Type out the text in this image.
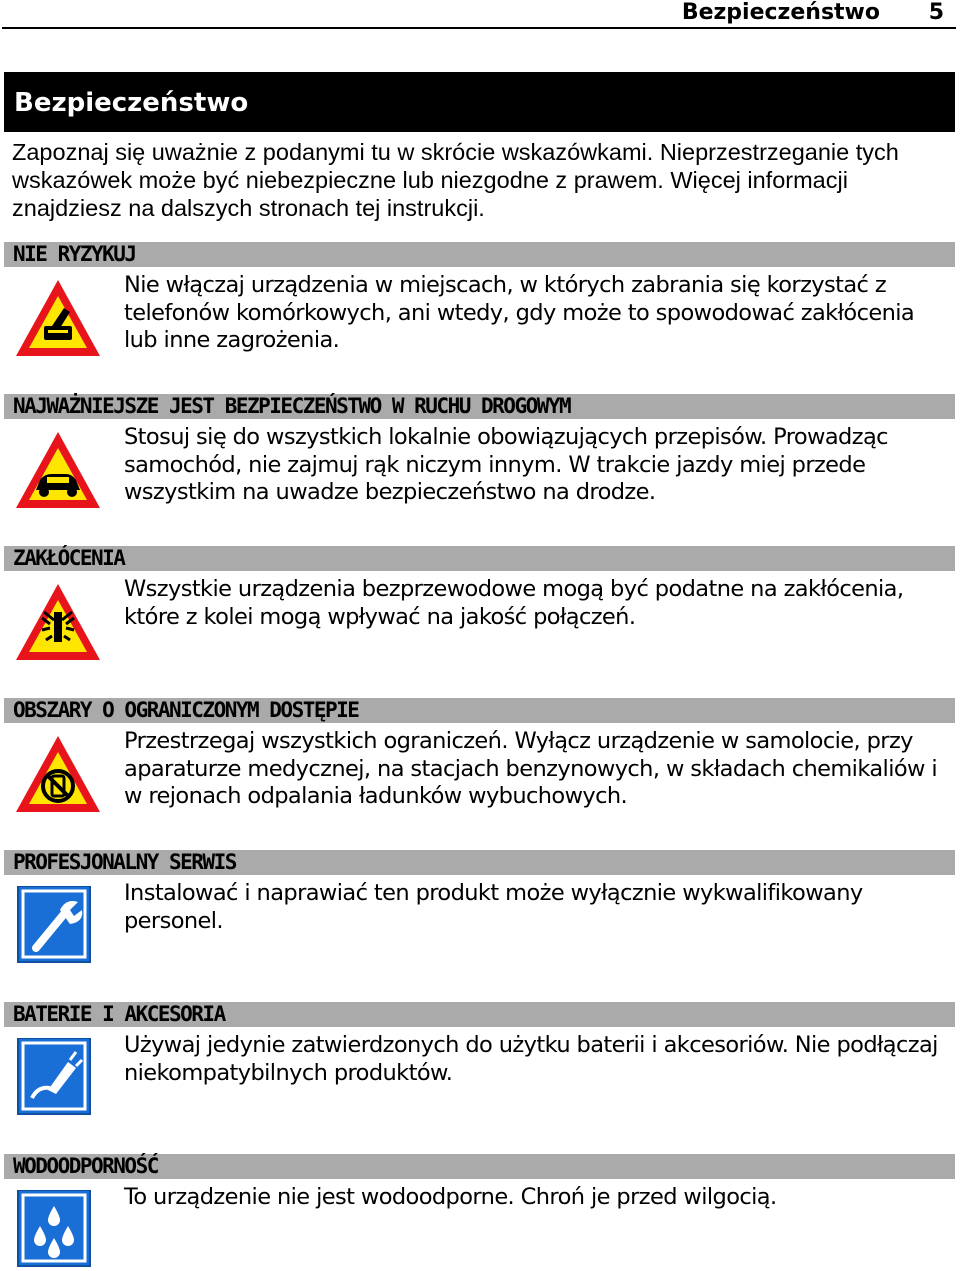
Bezpieczeństwo 5
Bezpieczeństwo
Zapoznaj się uważnie z podanymi tu w skrócie wskazówkami. Nieprzestrzeganie tych wskazówek może być niebezpieczne lub niezgodne z prawem. Więcej informacji znajdziesz na dalszych stronach tej instrukcji.
NIE RYZYKUJ
Nie włączaj urządzenia w miejscach, w których zabrania się korzystać z telefonów komórkowych, ani wtedy, gdy może to spowodować zakłócenia lub inne zagrożenia.
NAJWAŻNIEJSZE JEST BEZPIECZEŃSTWO W RUCHU DROGOWYM
Stosuj się do wszystkich lokalnie obowiązujących przepisów. Prowadząc samochód, nie zajmuj rąk niczym innym. W trakcie jazdy miej przede wszystkim na uwadze bezpieczeństwo na drodze.
ZAKŁÓCENIA
Wszystkie urządzenia bezprzewodowe mogą być podatne na zakłócenia, które z kolei mogą wpływać na jakość połączeń.
OBSZARY O OGRANICZONYM DOSTĘPIE
Przestrzegaj wszystkich ograniczeń. Wyłącz urządzenie w samolocie, przy aparaturze medycznej, na stacjach benzynowych, w składach chemikaliów i w rejonach odpalania ładunków wybuchowych.
PROFESJONALNY SERWIS
Instalować i naprawiać ten produkt może wyłącznie wykwalifikowany personel.
BATERIE I AKCESORIA
Używaj jedynie zatwierdzonych do użytku baterii i akcesoriów. Nie podłączaj niekompatybilnych produktów.
WODOODPORNOŚĆ
To urządzenie nie jest wodoodporne. Chroń je przed wilgocią.
